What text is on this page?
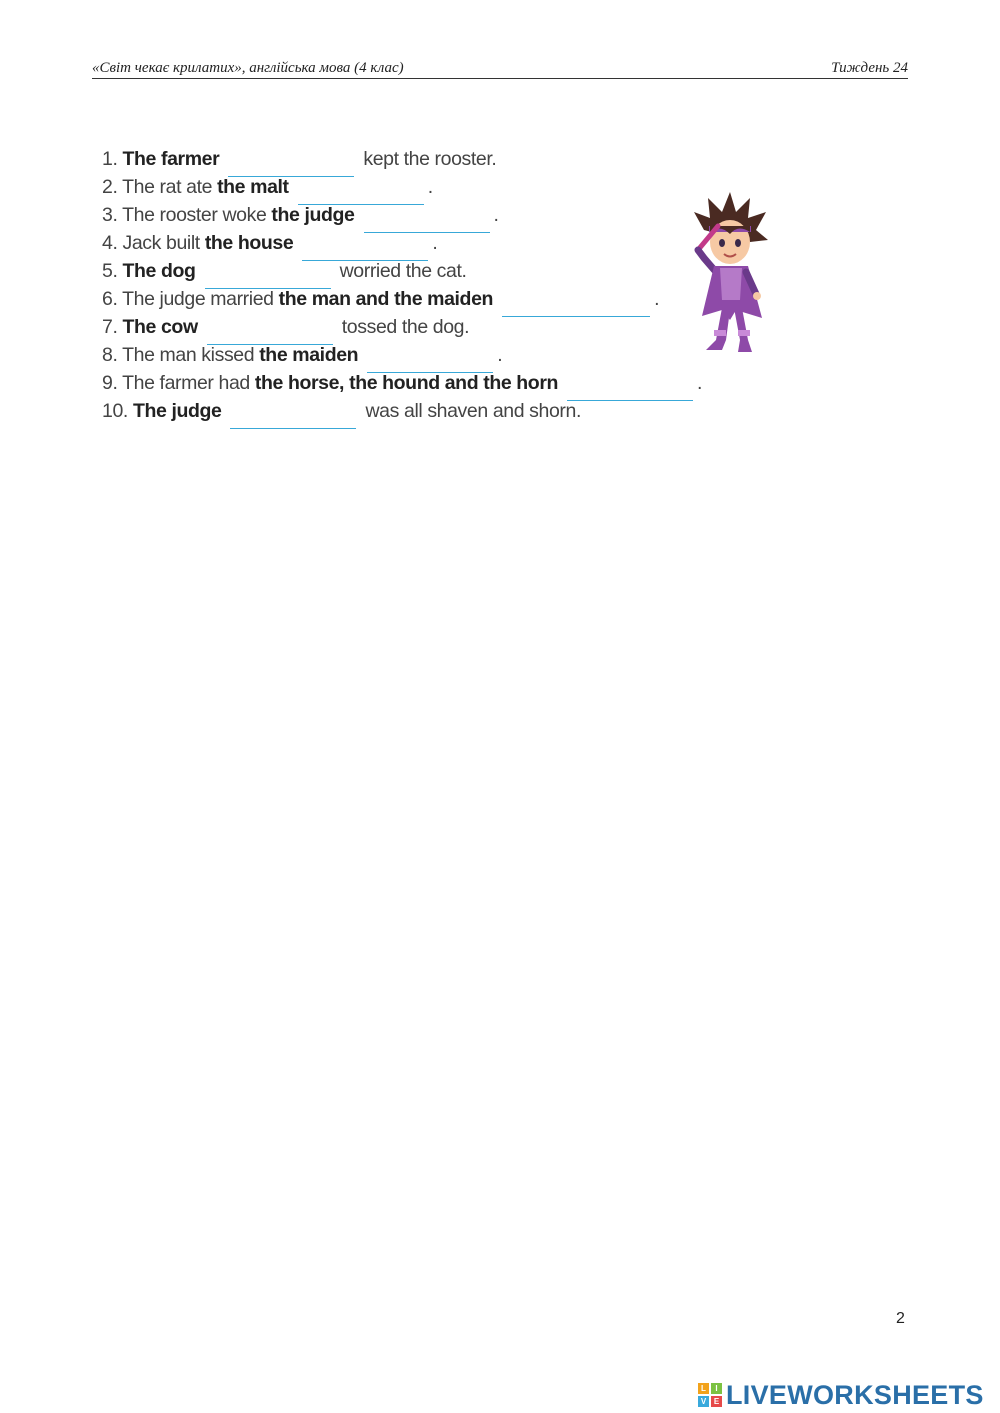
«Світ чекає крилатих», англійська мова (4 клас)	Тиждень 24
1. The farmer	kept the rooster.
2. The rat ate the malt	.
3. The rooster woke the judge	.
4. Jack built the house	.
5. The dog	worried the cat.
6. The judge married the man and the maiden	.
7. The cow	tossed the dog.
8. The man kissed the maiden	.
9. The farmer had the horse, the hound and the horn	.
10. The judge	was all shaven and shorn.
2
L	I
V E LIVEWORKSHEETS
